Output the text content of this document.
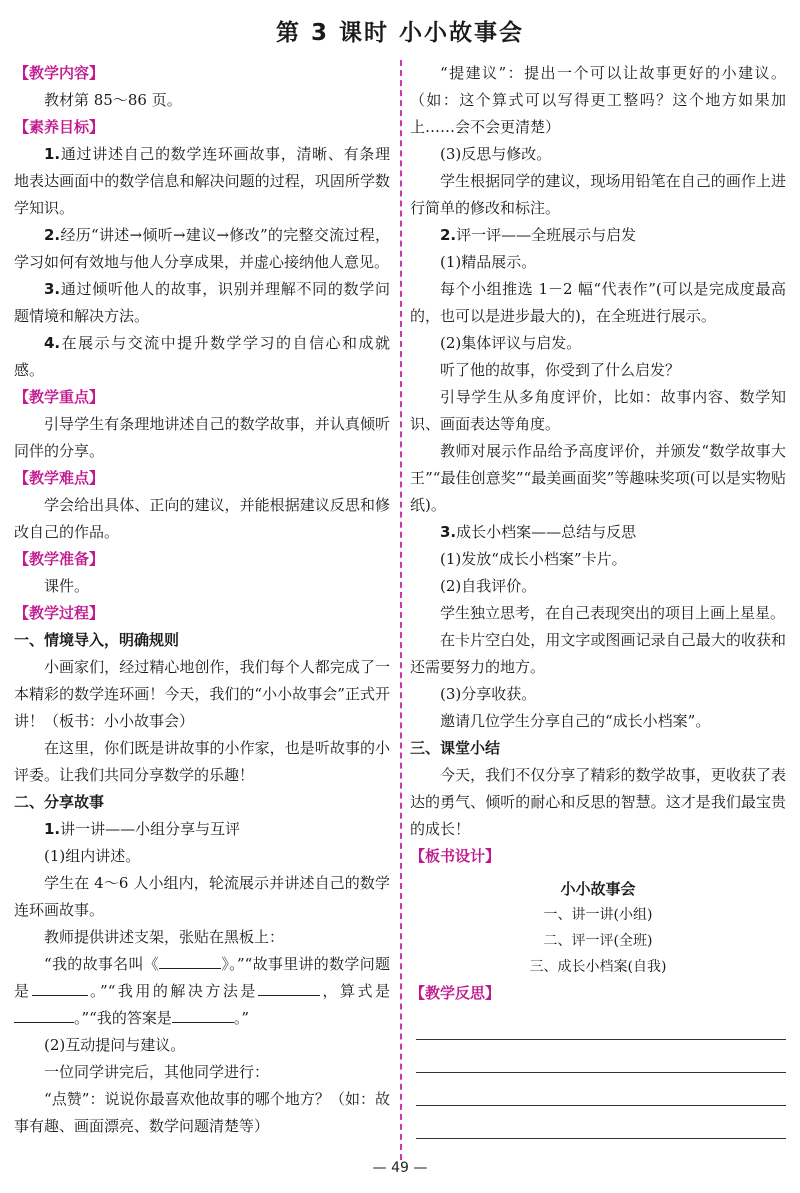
第 3 课时 小小故事会

【教学内容】

教材第 85～86 页。

【素养目标】

1.通过讲述自己的数学连环画故事，清晰、有条理地表达画面中的数学信息和解决问题的过程，巩固所学数学知识。

2.经历“讲述→倾听→建议→修改”的完整交流过程，学习如何有效地与他人分享成果，并虚心接纳他人意见。

3.通过倾听他人的故事，识别并理解不同的数学问题情境和解决方法。

4.在展示与交流中提升数学学习的自信心和成就感。

【教学重点】

引导学生有条理地讲述自己的数学故事，并认真倾听同伴的分享。

【教学难点】

学会给出具体、正向的建议，并能根据建议反思和修改自己的作品。

【教学准备】

课件。

【教学过程】

一、情境导入，明确规则

小画家们，经过精心地创作，我们每个人都完成了一本精彩的数学连环画！今天，我们的“小小故事会”正式开讲！（板书：小小故事会）

在这里，你们既是讲故事的小作家，也是听故事的小评委。让我们共同分享数学的乐趣！

二、分享故事

1.讲一讲——小组分享与互评

(1)组内讲述。

学生在 4～6 人小组内，轮流展示并讲述自己的数学连环画故事。

教师提供讲述支架，张贴在黑板上：

“我的故事名叫《	》。”“故事里讲的数学问题是	。”“我用的解决方法是	，算式是。”“我的答案是	。”

(2)互动提问与建议。

一位同学讲完后，其他同学进行：

“点赞”：说说你最喜欢他故事的哪个地方？（如：故事有趣、画面漂亮、数学问题清楚等）

“提建议”：提出一个可以让故事更好的小建议。（如：这个算式可以写得更工整吗？这个地方如果加上……会不会更清楚）

(3)反思与修改。

学生根据同学的建议，现场用铅笔在自己的画作上进行简单的修改和标注。

2.评一评——全班展示与启发

(1)精品展示。

每个小组推选 1－2 幅“代表作”(可以是完成度最高的，也可以是进步最大的)，在全班进行展示。

(2)集体评议与启发。

听了他的故事，你受到了什么启发？

引导学生从多角度评价，比如：故事内容、数学知识、画面表达等角度。

教师对展示作品给予高度评价，并颁发“数学故事大王”“最佳创意奖”“最美画面奖”等趣味奖项(可以是实物贴纸)。

3.成长小档案——总结与反思

(1)发放“成长小档案”卡片。

(2)自我评价。

学生独立思考，在自己表现突出的项目上画上星星。

在卡片空白处，用文字或图画记录自己最大的收获和还需要努力的地方。

(3)分享收获。

邀请几位学生分享自己的“成长小档案”。

三、课堂小结

今天，我们不仅分享了精彩的数学故事，更收获了表达的勇气、倾听的耐心和反思的智慧。这才是我们最宝贵的成长！

【板书设计】

小小故事会
一、讲一讲(小组)
二、评一评(全班)
三、成长小档案(自我)

【教学反思】

— 49 —
